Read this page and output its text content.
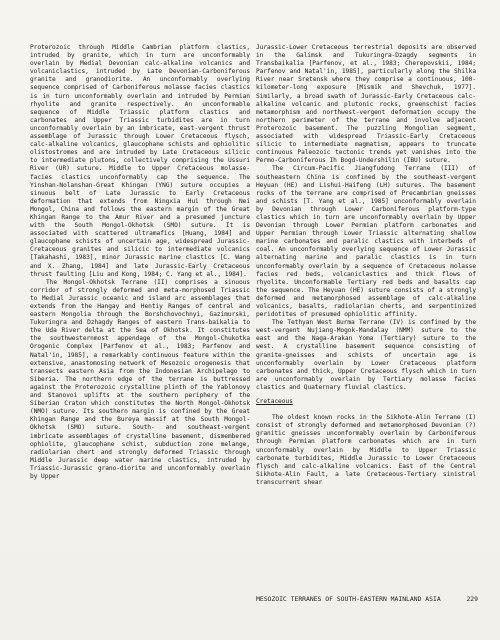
Proterozoic through Middle Cambrian platform clastics, intruded by granite, which in turn are unconformably overlain by Medial Devonian calc-alkaline volcanics and volcaniclastics, intruded by Late Devonian-Carboniferous granite and granodiorite. An unconformably overlying sequence comprised of Carboniferous molasse facies clastics is in turn unconformably overlain and intruded by Permian rhyolite and granite respectively. An unconformable sequence of Middle Triassic platform clastics and carbonates and Upper Triassic turbidites are in turn unconformably overlain by an imbricate, east-vergent thrust assemblage of Jurassic through Lower Cretaceous flysch, calc-alkaline volcanics, glaucophane schists and ophiolitic olistostromes and are intruded by Late Cretaceous silicic to intermediate plutons, collectively comprising the Ussuri River (UR) suture. Middle to Upper Cretaceous molasse-facies clastics unconformably cap the sequence. The Yinshan-Nolanshan-Great Khingan (YNG) suture occupies a sinuous belt of Late Jurassic to Early Cretaceous deformation that extends from Ningxia Hui through Nei Mongol, China and follows the eastern margin of the Great Khingan Range to the Amur River and a presumed juncture with the South Mongol-Okhotsk (SMO) suture. It is associated with scattered ultramafics [Huang, 1984] and glaucophane schists of uncertain age, widespread Jurassic-Cretaceous granites and silicic to intermediate volcanics [Takahashi, 1983], minor Jurassic marine clastics [C. Wang and X. Zhang, 1984] and late Jurassic-Early Cretaceous thrust faulting [Liu and Kong, 1984; C. Yang et al., 1984].

The Mongol-Okhotsk Terrane (II) comprises a sinuous corridor of strongly deformed and meta-morphosed Triassic to Medial Jurassic oceanic and island arc assemblages that extends from the Hangay and Hentiy Ranges of central and eastern Mongolia through the Borshchovochnyi, Gazimurski, Tukuringra and Dzhagdy Ranges of eastern Trans-baikalia to the Uda River delta at the Sea of Okhotsk. It constitutes the southwesternmost appendage of the Mongol-Chukotka Orogenic Complex [Parfenov et al., 1983; Parfenov and Natal'in, 1985], a remarkably continuous feature within the extensive, anastomosing network of Mesozoic orogenesis that transects eastern Asia from the Indonesian Archipelago to Siberia. The northern edge of the terrane is buttressed against the Proterozoic crystalline plinth of the Yablonovy and Stanovoi uplifts at the southern periphery of the Siberian Craton which constitutes the North Mongol-Okhotsk (NMO) suture. Its southern margin is confined by the Great Khingan Range and the Bureya massif at the South Mongol-Okhotsk (SMO) suture. South- and southeast-vergent imbricate assemblages of crystalline basement, dismembered ophiolite, glaucophane schist, subduction zone melange, radiolarian chert and strongly deformed Triassic through Middle Jurassic deep water marine clastics, intruded by Triassic-Jurassic grano-diorite and unconformably overlain by Upper

Jurassic-Lower Cretaceous terrestrial deposits are observed in the Galimsk and Tukuringra-Dzagdy segments in Transbaikalia [Parfenov, et al., 1983; Cherepovskii, 1984; Parfenov and Natal'in, 1985], particularly along the Shilka River near Sretensk where they comprise a continuous, 100-kilometer-long exposure [Mismik and Shevchuk, 1977]. Similarly, a broad swath of Jurassic-Early Cretaceous calc-alkaline volcanic and plutonic rocks, greenschist facies metamorphism and northwest-vergent deformation occupy the northern perimeter of the terrane and involve adjacent Proterozoic basement. The puzzling Mongolian segment, associated with widespread Triassic-Early Cretaceous silicic to intermediate magmatism, appears to truncate continuous Paleozoic tectonic trends yet vanishes into the Permo-Carboniferous Ih Bogd-Undershilin (IBU) suture.

The Circum-Pacific Jiangfudong Terrane (III) of southeastern China is confined by the southeast-vergent Heyuan (HE) and Lishui-Haifeng (LH) sutures. The basement rocks of the terrane are comprised of Precambrian gneisses and schists [T. Yang et al., 1985] unconformably overlain by Devonian through Lower Carboniferous platform-type clastics which in turn are unconformably overlain by Upper Devonian through Lower Permian platform carbonates and Upper Permian through Lower Triassic alternating shallow marine carbonates and paralic clastics with interbeds of coal. An unconformably overlying sequence of Lower Jurassic alternating marine and paralic clastics is in turn unconformably overlain by a sequence of Cretaceous molasse facies red beds, volcaniclastics and thick flows of rhyolite. Unconformable Tertiary red beds and basalts cap the sequence. The Heyuan (HE) suture consists of a strongly deformed and metamorphosed assemblage of calc-alkaline volcanics, basalts, radiolarian cherts, and serpentinized peridotites of presumed ophiolitic affinity.

The Tethyan West Burma Terrane (IV) is confined by the west-vergent Nujiang-Mogok-Mandalay (NMM) suture to the east and the Naga-Arakan Yoma (Tertiary) suture to the west. A crystalline basement sequence consisting of granite-gneisses and schists of uncertain age is unconformably overlain by Lower Cretaceous platform carbonates and thick, Upper Cretaceous flysch which in turn are unconformably overlain by Tertiary molasse facies clastics and Quaternary fluvial clastics.

Cretaceous

The oldest known rocks in the Sikhote-Alin Terrane (I) consist of strongly deformed and metamorphosed Devonian (?) granitic gneisses unconformably overlain by Carboniferous through Permian platform carbonates which are in turn unconformably overlain by Middle to Upper Triassic carbonate turbidites, Middle Jurassic to Lower Cretaceous flysch and calc-alkaline volcanics. East of the Central Sikhote-Alin Fault, a late Cretaceous-Tertiary sinistral transcurrent shear

MESOZOIC TERRANES OF SOUTH-EASTERN MAINLAND ASIA	229
